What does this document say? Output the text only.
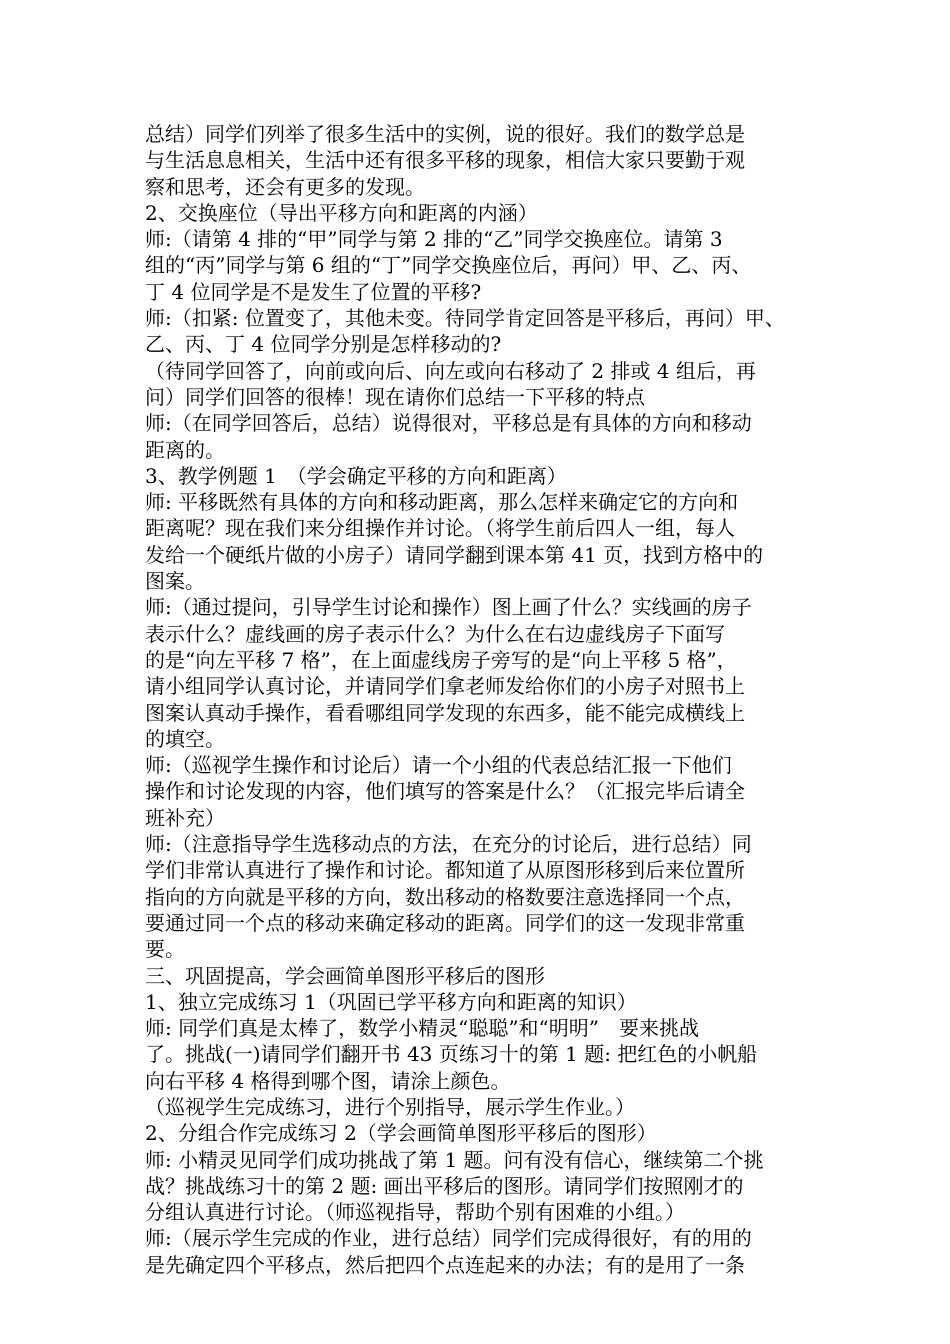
总结）同学们列举了很多生活中的实例，说的很好。我们的数学总是
与生活息息相关，生活中还有很多平移的现象，相信大家只要勤于观
察和思考，还会有更多的发现。
2、交换座位（导出平移方向和距离的内涵）
师:（请第 4 排的“甲”同学与第 2 排的“乙”同学交换座位。请第 3
组的“丙”同学与第 6 组的“丁”同学交换座位后，再问）甲、乙、丙、
丁 4 位同学是不是发生了位置的平移?
师:（扣紧: 位置变了，其他未变。待同学肯定回答是平移后，再问）甲、
乙、丙、丁 4 位同学分别是怎样移动的?
（待同学回答了，向前或向后、向左或向右移动了 2 排或 4 组后，再
问）同学们回答的很棒！现在请你们总结一下平移的特点
师:（在同学回答后，总结）说得很对，平移总是有具体的方向和移动
距离的。
3、教学例题 1　（学会确定平移的方向和距离）
师: 平移既然有具体的方向和移动距离，那么怎样来确定它的方向和
距离呢？现在我们来分组操作并讨论。（将学生前后四人一组，每人
发给一个硬纸片做的小房子）请同学翻到课本第 41 页，找到方格中的
图案。
师:（通过提问，引导学生讨论和操作）图上画了什么？实线画的房子
表示什么？虚线画的房子表示什么？为什么在右边虚线房子下面写
的是“向左平移 7 格”，在上面虚线房子旁写的是“向上平移 5 格”，
请小组同学认真讨论，并请同学们拿老师发给你们的小房子对照书上
图案认真动手操作，看看哪组同学发现的东西多，能不能完成横线上
的填空。
师:（巡视学生操作和讨论后）请一个小组的代表总结汇报一下他们
操作和讨论发现的内容，他们填写的答案是什么？（汇报完毕后请全
班补充）
师:（注意指导学生选移动点的方法，在充分的讨论后，进行总结）同
学们非常认真进行了操作和讨论。都知道了从原图形移到后来位置所
指向的方向就是平移的方向，数出移动的格数要注意选择同一个点，
要通过同一个点的移动来确定移动的距离。同学们的这一发现非常重
要。
三、巩固提高，学会画简单图形平移后的图形
1、独立完成练习 1（巩固已学平移方向和距离的知识）
师: 同学们真是太棒了，数学小精灵“聪聪”和“明明”　要来挑战
了。挑战(一)请同学们翻开书 43 页练习十的第 1 题: 把红色的小帆船
向右平移 4 格得到哪个图，请涂上颜色。
（巡视学生完成练习，进行个别指导，展示学生作业。）
2、分组合作完成练习 2（学会画简单图形平移后的图形）
师: 小精灵见同学们成功挑战了第 1 题。问有没有信心，继续第二个挑
战？挑战练习十的第 2 题: 画出平移后的图形。请同学们按照刚才的
分组认真进行讨论。（师巡视指导，帮助个别有困难的小组。）
师:（展示学生完成的作业，进行总结）同学们完成得很好，有的用的
是先确定四个平移点，然后把四个点连起来的办法；有的是用了一条
